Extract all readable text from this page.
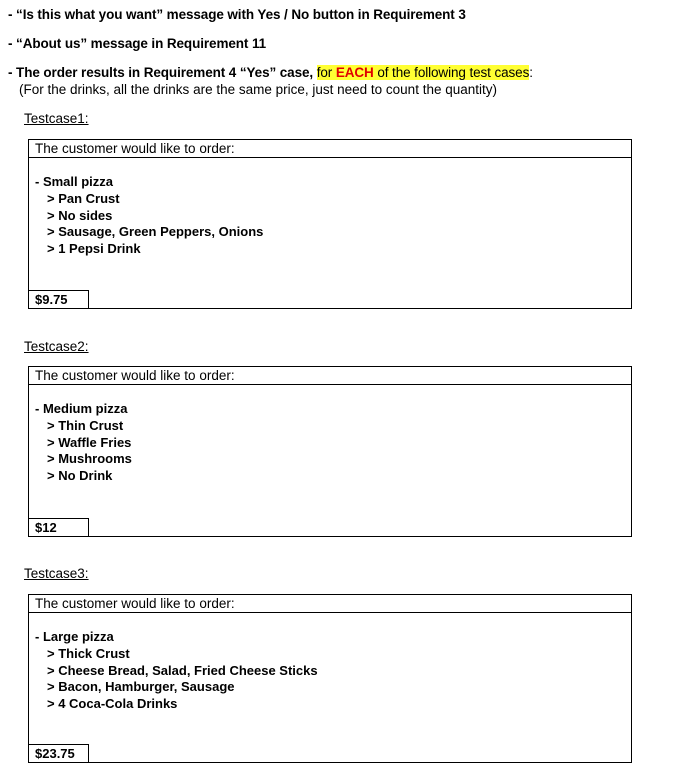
- “Is this what you want” message with Yes / No button in Requirement 3
- “About us” message in Requirement 11
- The order results in Requirement 4 “Yes” case, for EACH of the following test cases:
(For the drinks, all the drinks are the same price, just need to count the quantity)
Testcase1:
The customer would like to order:
- Small pizza
> Pan Crust
> No sides
> Sausage, Green Peppers, Onions
> 1 Pepsi Drink
$9.75
Testcase2:
The customer would like to order:
- Medium pizza
> Thin Crust
> Waffle Fries
> Mushrooms
> No Drink
$12
Testcase3:
The customer would like to order:
- Large pizza
> Thick Crust
> Cheese Bread, Salad, Fried Cheese Sticks
> Bacon, Hamburger, Sausage
> 4 Coca-Cola Drinks
$23.75
